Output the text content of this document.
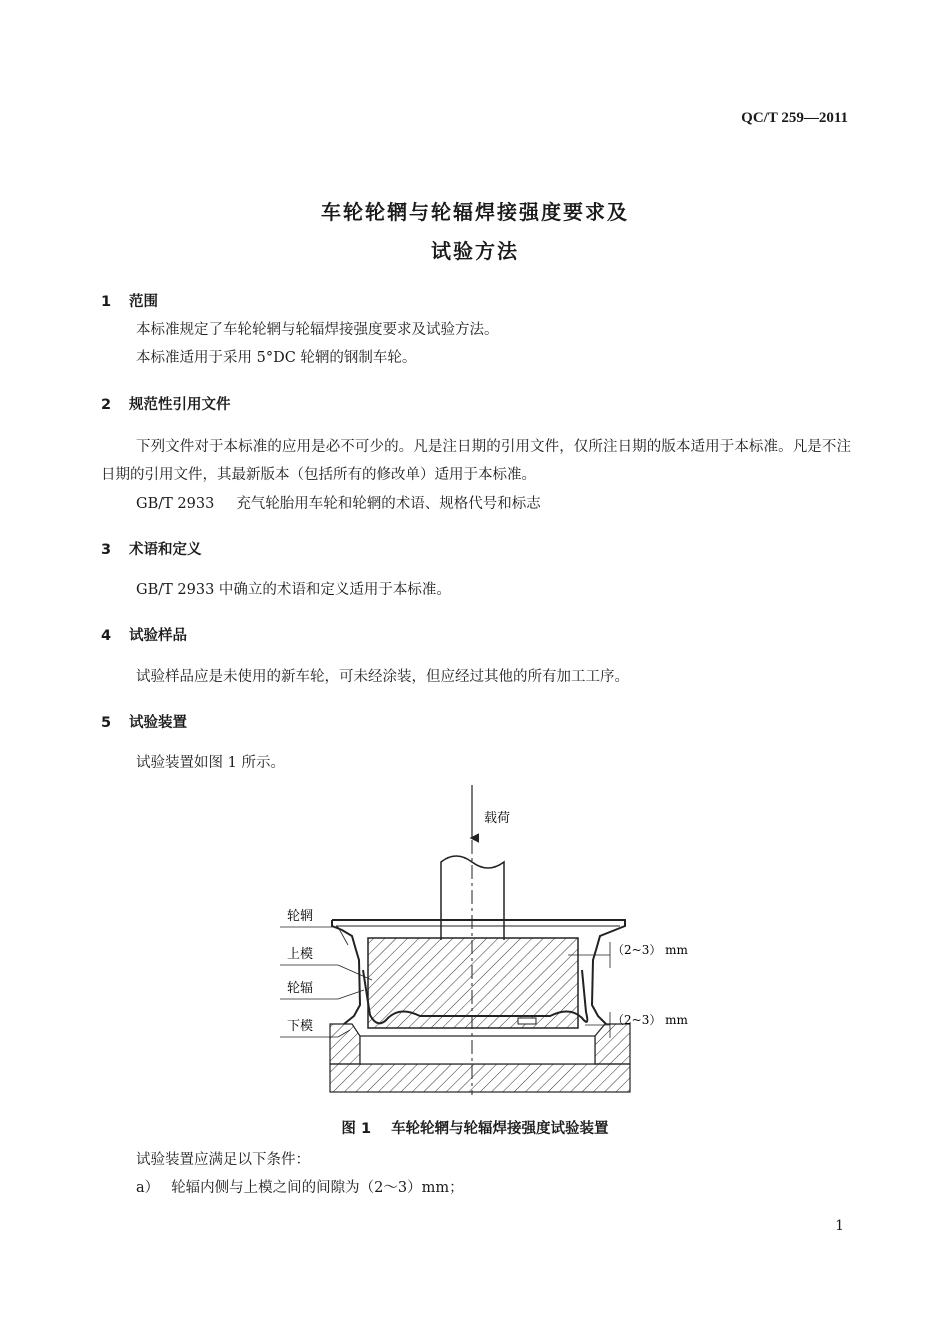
QC/T 259—2011
车轮轮辋与轮辐焊接强度要求及
试验方法
1 范围
本标准规定了车轮轮辋与轮辐焊接强度要求及试验方法。
本标准适用于采用 5°DC 轮辋的钢制车轮。
2 规范性引用文件
下列文件对于本标准的应用是必不可少的。凡是注日期的引用文件，仅所注日期的版本适用于本标准。凡是不注日期的引用文件，其最新版本（包括所有的修改单）适用于本标准。
GB/T 2933 充气轮胎用车轮和轮辋的术语、规格代号和标志
3 术语和定义
GB/T 2933 中确立的术语和定义适用于本标准。
4 试验样品
试验样品应是未使用的新车轮，可未经涂装，但应经过其他的所有加工工序。
5 试验装置
试验装置如图 1 所示。
载荷
轮辋
上模
轮辐
下模
（2~3） mm
（2~3） mm
图 1 车轮轮辋与轮辐焊接强度试验装置
试验装置应满足以下条件：
a） 轮辐内侧与上模之间的间隙为（2～3）mm；
1
